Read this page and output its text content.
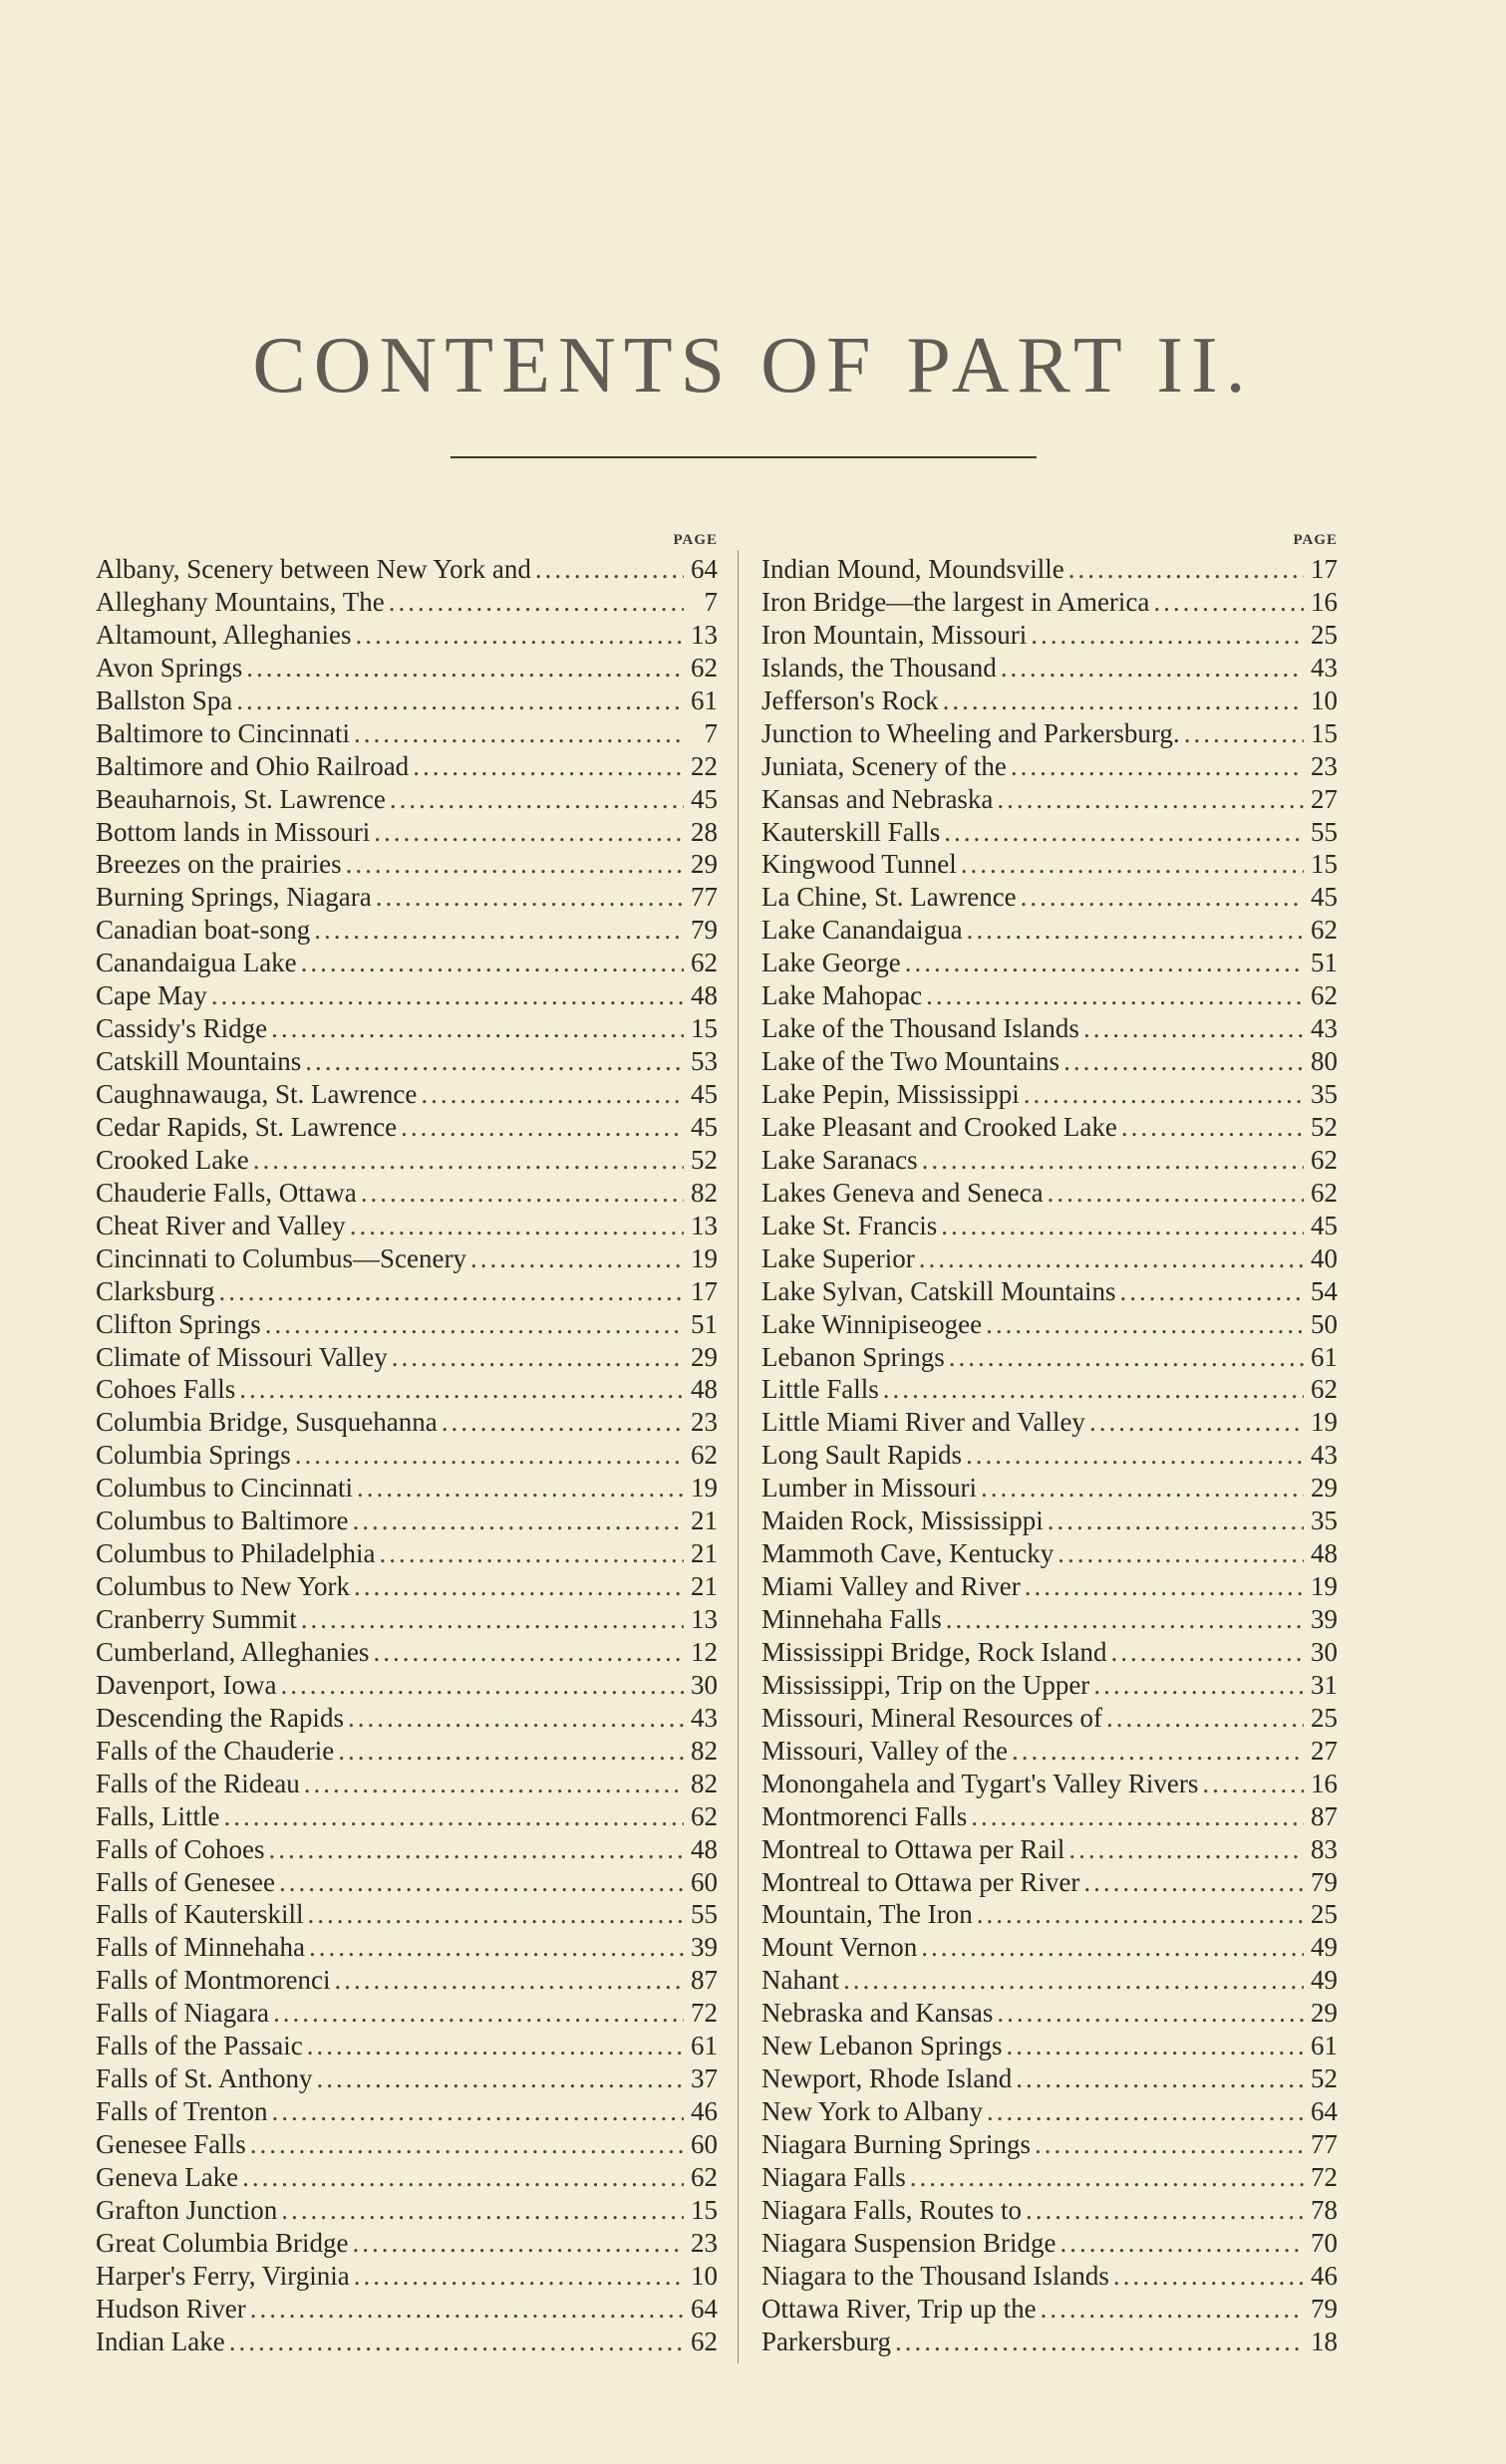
CONTENTS OF PART II.
PAGE
Albany, Scenery between New York and .....	64
Alleghany Mountains, The .....	7
Altamount, Alleghanies .....	13
Avon Springs .....	62
Ballston Spa .....	61
Baltimore to Cincinnati .....	7
Baltimore and Ohio Railroad .....	22
Beauharnois, St. Lawrence .....	45
Bottom lands in Missouri .....	28
Breezes on the prairies .....	29
Burning Springs, Niagara .....	77
Canadian boat-song .....	79
Canandaigua Lake .....	62
Cape May .....	48
Cassidy's Ridge .....	15
Catskill Mountains .....	53
Caughnawauga, St. Lawrence .....	45
Cedar Rapids, St. Lawrence .....	45
Crooked Lake .....	52
Chauderie Falls, Ottawa .....	82
Cheat River and Valley .....	13
Cincinnati to Columbus—Scenery .....	19
Clarksburg .....	17
Clifton Springs .....	51
Climate of Missouri Valley .....	29
Cohoes Falls .....	48
Columbia Bridge, Susquehanna .....	23
Columbia Springs .....	62
Columbus to Cincinnati .....	19
Columbus to Baltimore .....	21
Columbus to Philadelphia .....	21
Columbus to New York .....	21
Cranberry Summit .....	13
Cumberland, Alleghanies .....	12
Davenport, Iowa .....	30
Descending the Rapids .....	43
Falls of the Chauderie .....	82
Falls of the Rideau .....	82
Falls, Little .....	62
Falls of Cohoes .....	48
Falls of Genesee .....	60
Falls of Kauterskill .....	55
Falls of Minnehaha .....	39
Falls of Montmorenci .....	87
Falls of Niagara .....	72
Falls of the Passaic .....	61
Falls of St. Anthony .....	37
Falls of Trenton .....	46
Genesee Falls .....	60
Geneva Lake .....	62
Grafton Junction .....	15
Great Columbia Bridge .....	23
Harper's Ferry, Virginia .....	10
Hudson River .....	64
Indian Lake .....	62
PAGE
Indian Mound, Moundsville .....	17
Iron Bridge—the largest in America .....	16
Iron Mountain, Missouri .....	25
Islands, the Thousand .....	43
Jefferson's Rock .....	10
Junction to Wheeling and Parkersburg. .....	15
Juniata, Scenery of the .....	23
Kansas and Nebraska .....	27
Kauterskill Falls .....	55
Kingwood Tunnel .....	15
La Chine, St. Lawrence .....	45
Lake Canandaigua .....	62
Lake George .....	51
Lake Mahopac .....	62
Lake of the Thousand Islands .....	43
Lake of the Two Mountains .....	80
Lake Pepin, Mississippi .....	35
Lake Pleasant and Crooked Lake .....	52
Lake Saranacs .....	62
Lakes Geneva and Seneca .....	62
Lake St. Francis .....	45
Lake Superior .....	40
Lake Sylvan, Catskill Mountains .....	54
Lake Winnipiseogee .....	50
Lebanon Springs .....	61
Little Falls .....	62
Little Miami River and Valley .....	19
Long Sault Rapids .....	43
Lumber in Missouri .....	29
Maiden Rock, Mississippi .....	35
Mammoth Cave, Kentucky .....	48
Miami Valley and River .....	19
Minnehaha Falls .....	39
Mississippi Bridge, Rock Island .....	30
Mississippi, Trip on the Upper .....	31
Missouri, Mineral Resources of .....	25
Missouri, Valley of the .....	27
Monongahela and Tygart's Valley Rivers .....	16
Montmorenci Falls .....	87
Montreal to Ottawa per Rail .....	83
Montreal to Ottawa per River .....	79
Mountain, The Iron .....	25
Mount Vernon .....	49
Nahant .....	49
Nebraska and Kansas .....	29
New Lebanon Springs .....	61
Newport, Rhode Island .....	52
New York to Albany .....	64
Niagara Burning Springs .....	77
Niagara Falls .....	72
Niagara Falls, Routes to .....	78
Niagara Suspension Bridge .....	70
Niagara to the Thousand Islands .....	46
Ottawa River, Trip up the .....	79
Parkersburg .....	18
